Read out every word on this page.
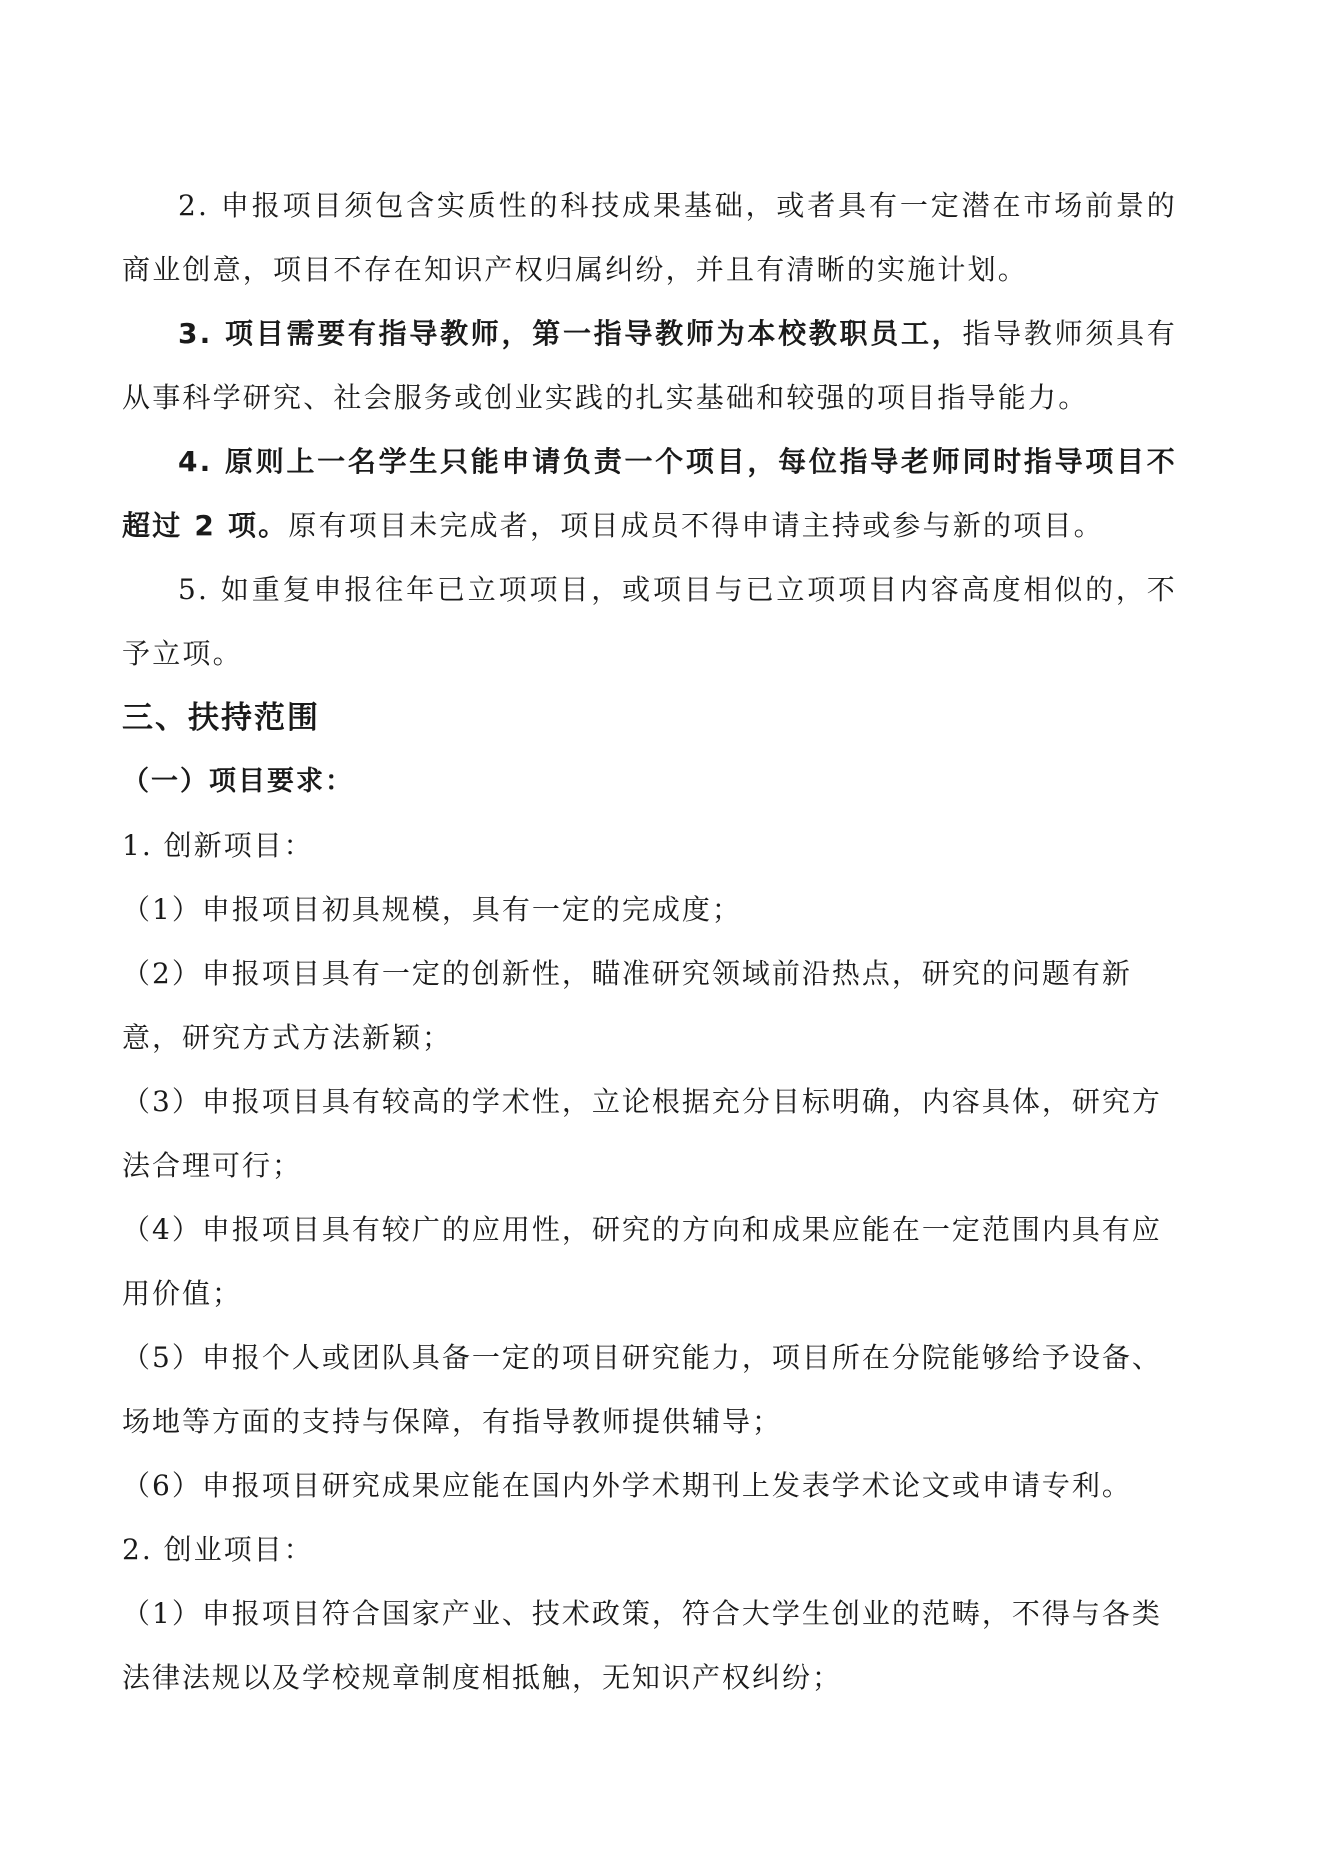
2. 申报项目须包含实质性的科技成果基础，或者具有一定潜在市场前景的商业创意，项目不存在知识产权归属纠纷，并且有清晰的实施计划。

3. 项目需要有指导教师，第一指导教师为本校教职员工，指导教师须具有从事科学研究、社会服务或创业实践的扎实基础和较强的项目指导能力。

4. 原则上一名学生只能申请负责一个项目，每位指导老师同时指导项目不超过 2 项。原有项目未完成者，项目成员不得申请主持或参与新的项目。

5. 如重复申报往年已立项项目，或项目与已立项项目内容高度相似的，不予立项。

三、扶持范围
（一）项目要求：

1. 创新项目：

（1）申报项目初具规模，具有一定的完成度；

（2）申报项目具有一定的创新性，瞄准研究领域前沿热点，研究的问题有新意，研究方式方法新颖；

（3）申报项目具有较高的学术性，立论根据充分目标明确，内容具体，研究方法合理可行；

（4）申报项目具有较广的应用性，研究的方向和成果应能在一定范围内具有应用价值；

（5）申报个人或团队具备一定的项目研究能力，项目所在分院能够给予设备、场地等方面的支持与保障，有指导教师提供辅导；

（6）申报项目研究成果应能在国内外学术期刊上发表学术论文或申请专利。

2. 创业项目：

（1）申报项目符合国家产业、技术政策，符合大学生创业的范畴，不得与各类法律法规以及学校规章制度相抵触，无知识产权纠纷；
